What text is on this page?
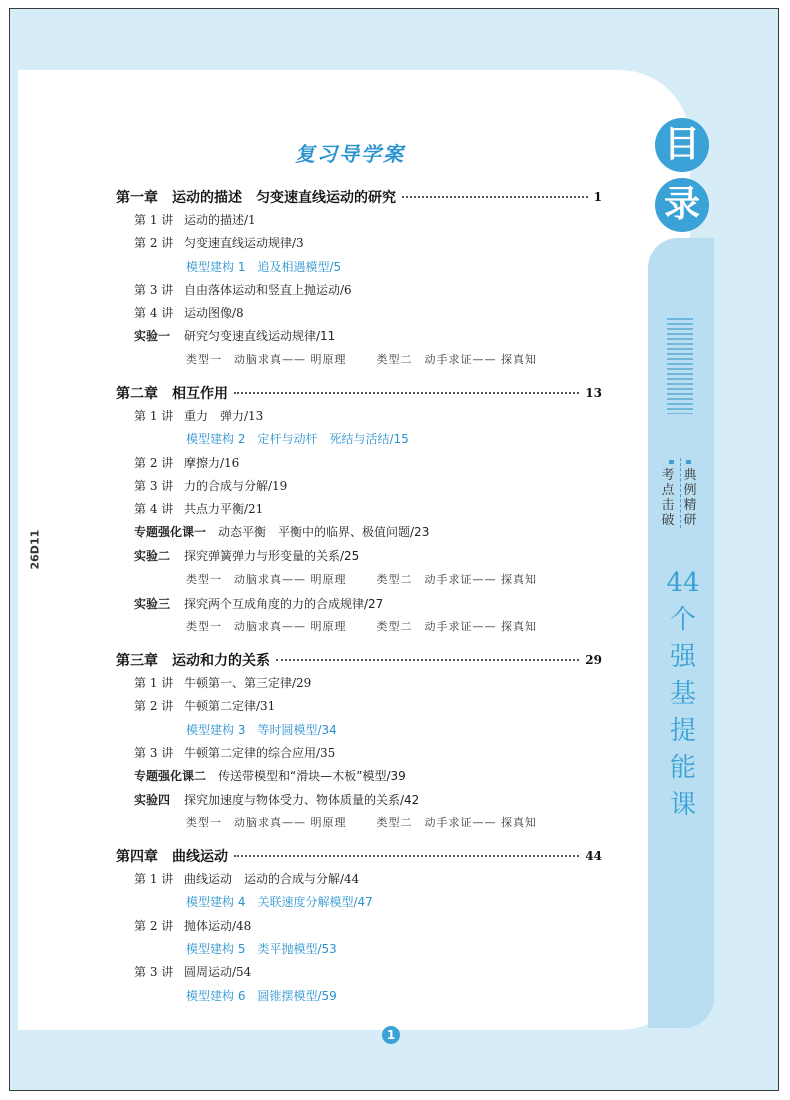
目
录
考
点
击
破
典
例
精
研
44
个
强
基
提
能
课
复习导学案
第一章 运动的描述　匀变速直线运动的研究	1
第 1 讲 运动的描述/1
第 2 讲 匀变速直线运动规律/3
模型建构 1　追及相遇模型/5
第 3 讲 自由落体运动和竖直上抛运动/6
第 4 讲 运动图像/8
实验一 研究匀变速直线运动规律/11
类型一　动脑求真—— 明原理	类型二　动手求证—— 探真知
第二章 相互作用	13
第 1 讲 重力　弹力/13
模型建构 2　定杆与动杆　死结与活结/15
第 2 讲 摩擦力/16
第 3 讲 力的合成与分解/19
第 4 讲 共点力平衡/21
专题强化课一 动态平衡　平衡中的临界、极值问题/23
实验二 探究弹簧弹力与形变量的关系/25
类型一　动脑求真—— 明原理	类型二　动手求证—— 探真知
实验三 探究两个互成角度的力的合成规律/27
类型一　动脑求真—— 明原理	类型二　动手求证—— 探真知
第三章 运动和力的关系	29
第 1 讲 牛顿第一、第三定律/29
第 2 讲 牛顿第二定律/31
模型建构 3　等时圆模型/34
第 3 讲 牛顿第二定律的综合应用/35
专题强化课二 传送带模型和“滑块—木板”模型/39
实验四 探究加速度与物体受力、物体质量的关系/42
类型一　动脑求真—— 明原理	类型二　动手求证—— 探真知
第四章 曲线运动	44
第 1 讲 曲线运动　运动的合成与分解/44
模型建构 4　关联速度分解模型/47
第 2 讲 抛体运动/48
模型建构 5　类平抛模型/53
第 3 讲 圆周运动/54
模型建构 6　圆锥摆模型/59
1
